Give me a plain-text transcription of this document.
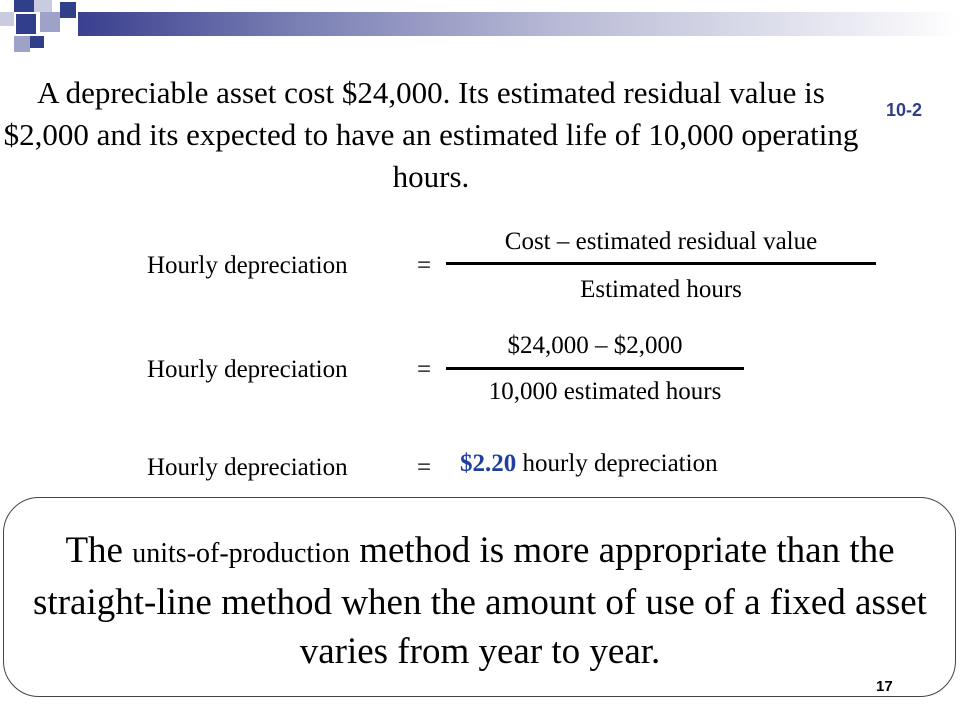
10-2
A depreciable asset cost $24,000. Its estimated residual value is $2,000 and its expected to have an estimated life of 10,000 operating hours.
Hourly depreciation	=
Cost – estimated residual value
Estimated hours
Hourly depreciation	=
$24,000 – $2,000
10,000 estimated hours
Hourly depreciation	= $2.20 hourly depreciation
The units-of-production method is more appropriate than the straight-line method when the amount of use of a fixed asset varies from year to year.
17
